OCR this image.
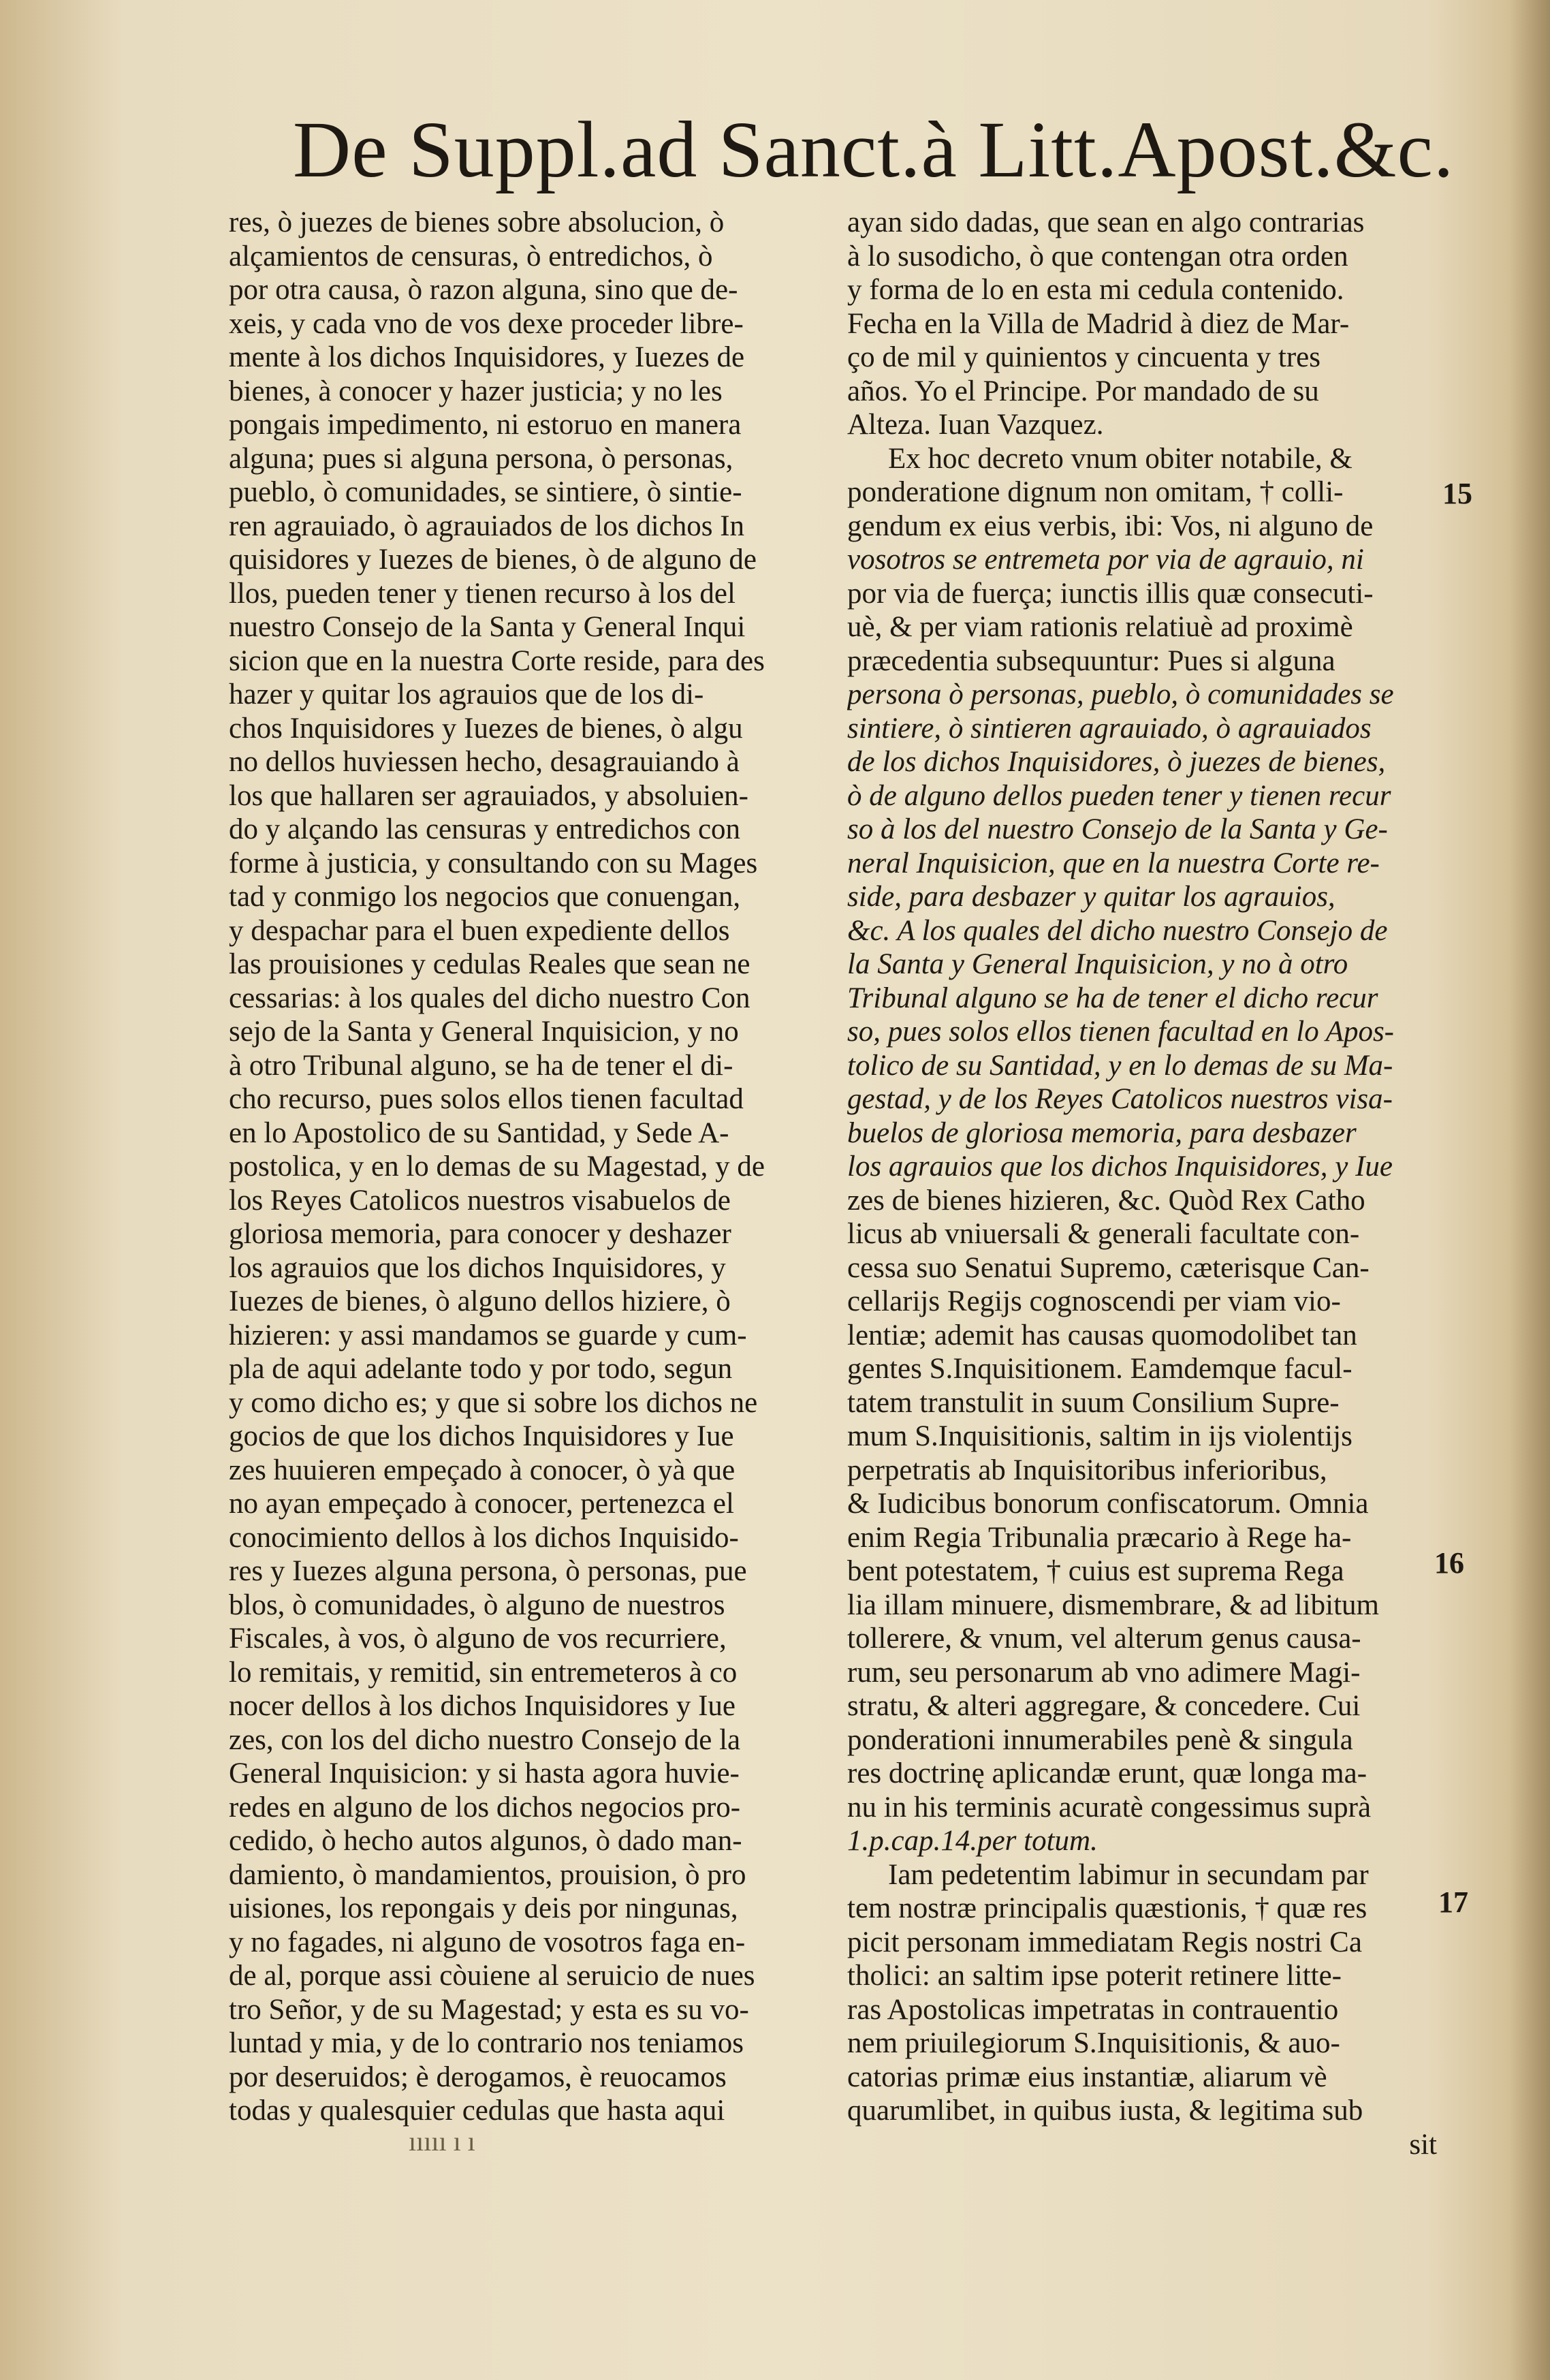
De Suppl.ad Sanct.à Litt.Apost.&c.
res, ò juezes de bienes sobre absolucion, ò
alçamientos de censuras, ò entredichos, ò
por otra causa, ò razon alguna, sino que de-
xeis, y cada vno de vos dexe proceder libre-
mente à los dichos Inquisidores, y Iuezes de
bienes, à conocer y hazer justicia; y no les
pongais impedimento, ni estoruo en manera
alguna; pues si alguna persona, ò personas,
pueblo, ò comunidades, se sintiere, ò sintie-
ren agrauiado, ò agrauiados de los dichos In
quisidores y Iuezes de bienes, ò de alguno de
llos, pueden tener y tienen recurso à los del
nuestro Consejo de la Santa y General Inqui
sicion que en la nuestra Corte reside, para des
hazer y quitar los agrauios que de los di-
chos Inquisidores y Iuezes de bienes, ò algu
no dellos huviessen hecho, desagrauiando à
los que hallaren ser agrauiados, y absoluien-
do y alçando las censuras y entredichos con
forme à justicia, y consultando con su Mages
tad y conmigo los negocios que conuengan,
y despachar para el buen expediente dellos
las prouisiones y cedulas Reales que sean ne
cessarias: à los quales del dicho nuestro Con
sejo de la Santa y General Inquisicion, y no
à otro Tribunal alguno, se ha de tener el di-
cho recurso, pues solos ellos tienen facultad
en lo Apostolico de su Santidad, y Sede A-
postolica, y en lo demas de su Magestad, y de
los Reyes Catolicos nuestros visabuelos de
gloriosa memoria, para conocer y deshazer
los agrauios que los dichos Inquisidores, y
Iuezes de bienes, ò alguno dellos hiziere, ò
hizieren: y assi mandamos se guarde y cum-
pla de aqui adelante todo y por todo, segun
y como dicho es; y que si sobre los dichos ne
gocios de que los dichos Inquisidores y Iue
zes huuieren empeçado à conocer, ò yà que
no ayan empeçado à conocer, pertenezca el
conocimiento dellos à los dichos Inquisido-
res y Iuezes alguna persona, ò personas, pue
blos, ò comunidades, ò alguno de nuestros
Fiscales, à vos, ò alguno de vos recurriere,
lo remitais, y remitid, sin entremeteros à co
nocer dellos à los dichos Inquisidores y Iue
zes, con los del dicho nuestro Consejo de la
General Inquisicion: y si hasta agora huvie-
redes en alguno de los dichos negocios pro-
cedido, ò hecho autos algunos, ò dado man-
damiento, ò mandamientos, prouision, ò pro
uisiones, los repongais y deis por ningunas,
y no fagades, ni alguno de vosotros faga en-
de al, porque assi còuiene al seruicio de nues
tro Señor, y de su Magestad; y esta es su vo-
luntad y mia, y de lo contrario nos teniamos
por deseruidos; è derogamos, è reuocamos
todas y qualesquier cedulas que hasta aqui
ayan sido dadas, que sean en algo contrarias
à lo susodicho, ò que contengan otra orden
y forma de lo en esta mi cedula contenido.
Fecha en la Villa de Madrid à diez de Mar-
ço de mil y quinientos y cincuenta y tres
años. Yo el Principe. Por mandado de su
Alteza. Iuan Vazquez.
Ex hoc decreto vnum obiter notabile, &
ponderatione dignum non omitam, † colli-
gendum ex eius verbis, ibi: Vos, ni alguno de
vosotros se entremeta por via de agrauio, ni
por via de fuerça; iunctis illis quæ consecuti-
uè, & per viam rationis relatiuè ad proximè
præcedentia subsequuntur: Pues si alguna
persona ò personas, pueblo, ò comunidades se
sintiere, ò sintieren agrauiado, ò agrauiados
de los dichos Inquisidores, ò juezes de bienes,
ò de alguno dellos pueden tener y tienen recur
so à los del nuestro Consejo de la Santa y Ge-
neral Inquisicion, que en la nuestra Corte re-
side, para desbazer y quitar los agrauios,
&c. A los quales del dicho nuestro Consejo de
la Santa y General Inquisicion, y no à otro
Tribunal alguno se ha de tener el dicho recur
so, pues solos ellos tienen facultad en lo Apos-
tolico de su Santidad, y en lo demas de su Ma-
gestad, y de los Reyes Catolicos nuestros visa-
buelos de gloriosa memoria, para desbazer
los agrauios que los dichos Inquisidores, y Iue
zes de bienes hizieren, &c. Quòd Rex Catho
licus ab vniuersali & generali facultate con-
cessa suo Senatui Supremo, cæterisque Can-
cellarijs Regijs cognoscendi per viam vio-
lentiæ; ademit has causas quomodolibet tan
gentes S.Inquisitionem. Eamdemque facul-
tatem transtulit in suum Consilium Supre-
mum S.Inquisitionis, saltim in ijs violentijs
perpetratis ab Inquisitoribus inferioribus,
& Iudicibus bonorum confiscatorum. Omnia
enim Regia Tribunalia præcario à Rege ha-
bent potestatem, † cuius est suprema Rega
lia illam minuere, dismembrare, & ad libitum
tollerere, & vnum, vel alterum genus causa-
rum, seu personarum ab vno adimere Magi-
stratu, & alteri aggregare, & concedere. Cui
ponderationi innumerabiles penè & singula
res doctrinę aplicandæ erunt, quæ longa ma-
nu in his terminis acuratè congessimus suprà
1.p.cap.14.per totum.
Iam pedetentim labimur in secundam par
tem nostræ principalis quæstionis, † quæ res
picit personam immediatam Regis nostri Ca
tholici: an saltim ipse poterit retinere litte-
ras Apostolicas impetratas in contrauentio
nem priuilegiorum S.Inquisitionis, & auo-
catorias primæ eius instantiæ, aliarum vè
quarumlibet, in quibus iusta, & legitima sub
sit
15
16
17
ııııı ı ı
